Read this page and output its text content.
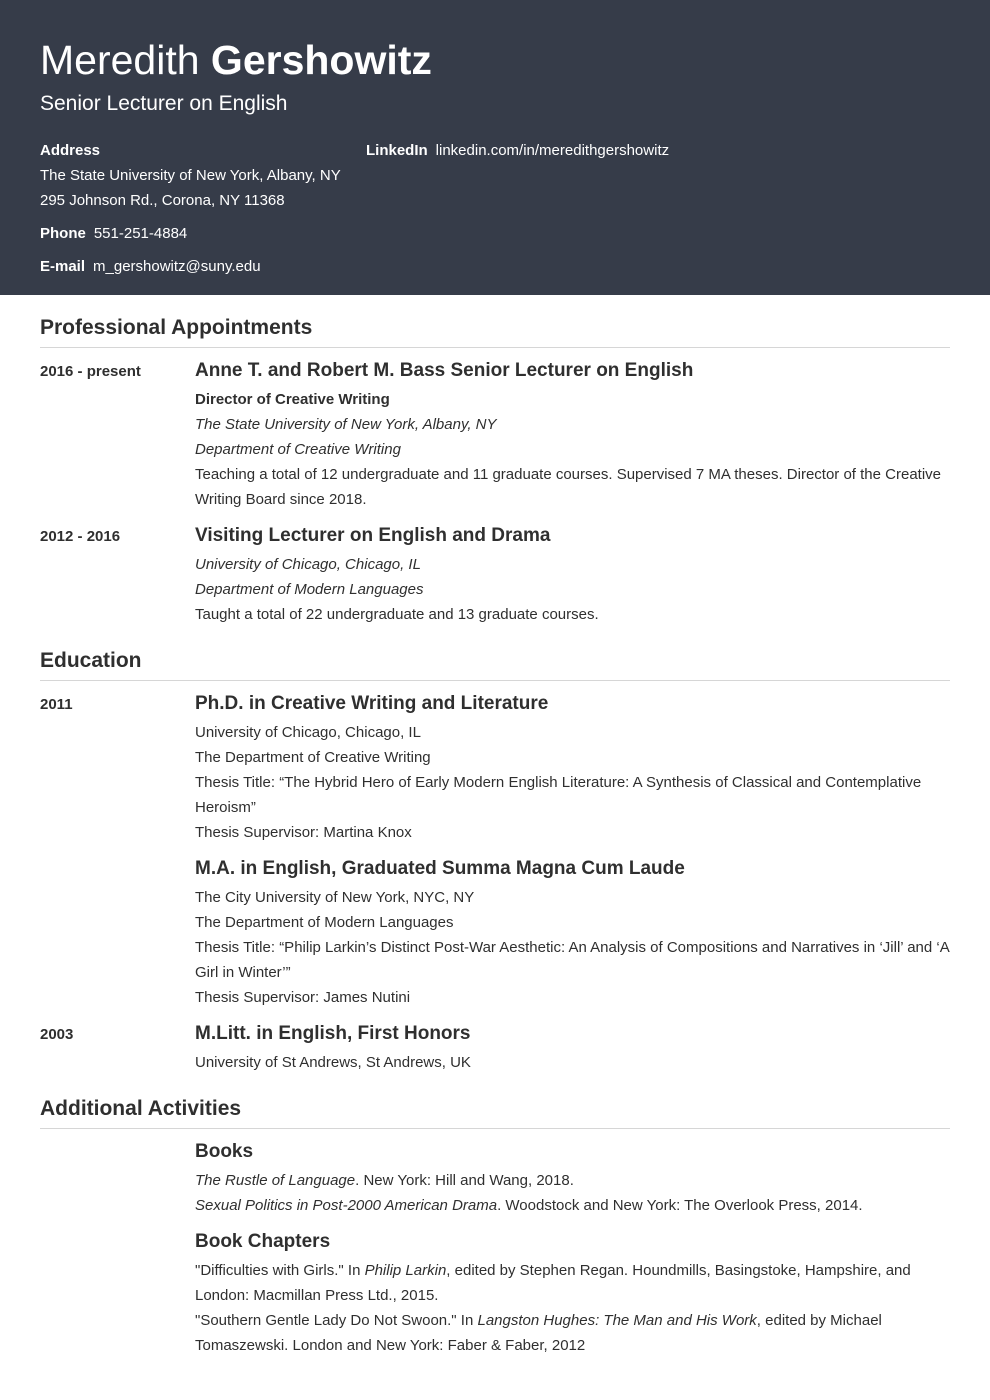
Meredith Gershowitz
Senior Lecturer on English
Address
The State University of New York, Albany, NY
295 Johnson Rd., Corona, NY 11368
Phone 551-251-4884
E-mail m_gershowitz@suny.edu
LinkedIn linkedin.com/in/meredithgershowitz
Professional Appointments
2016 - present	Anne T. and Robert M. Bass Senior Lecturer on English
Director of Creative Writing
The State University of New York, Albany, NY
Department of Creative Writing
Teaching a total of 12 undergraduate and 11 graduate courses. Supervised 7 MA theses. Director of the Creative Writing Board since 2018.
2012 - 2016	Visiting Lecturer on English and Drama
University of Chicago, Chicago, IL
Department of Modern Languages
Taught a total of 22 undergraduate and 13 graduate courses.
Education
2011	Ph.D. in Creative Writing and Literature
University of Chicago, Chicago, IL
The Department of Creative Writing
Thesis Title: “The Hybrid Hero of Early Modern English Literature: A Synthesis of Classical and Contemplative Heroism”
Thesis Supervisor: Martina Knox
M.A. in English, Graduated Summa Magna Cum Laude
The City University of New York, NYC, NY
The Department of Modern Languages
Thesis Title: “Philip Larkin’s Distinct Post-War Aesthetic: An Analysis of Compositions and Narratives in ‘Jill’ and ‘A Girl in Winter’”
Thesis Supervisor: James Nutini
2003	M.Litt. in English, First Honors
University of St Andrews, St Andrews, UK
Additional Activities
Books
The Rustle of Language. New York: Hill and Wang, 2018.
Sexual Politics in Post-2000 American Drama. Woodstock and New York: The Overlook Press, 2014.
Book Chapters
"Difficulties with Girls." In Philip Larkin, edited by Stephen Regan. Houndmills, Basingstoke, Hampshire, and London: Macmillan Press Ltd., 2015.
"Southern Gentle Lady Do Not Swoon." In Langston Hughes: The Man and His Work, edited by Michael Tomaszewski. London and New York: Faber & Faber, 2012
